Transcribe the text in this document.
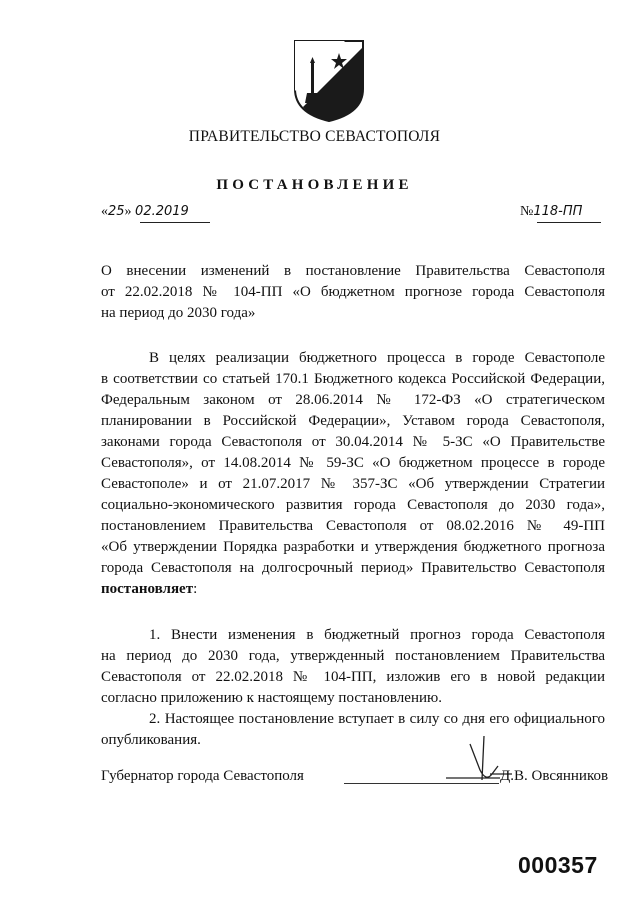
ПРАВИТЕЛЬСТВО СЕВАСТОПОЛЯ
ПОСТАНОВЛЕНИЕ
«25» 02.2019	№118-ПП
О внесении изменений в постановление Правительства Севастополя
от 22.02.2018 № 104-ПП «О бюджетном прогнозе города Севастополя
на период до 2030 года»
В целях реализации бюджетного процесса в городе Севастополе
в соответствии со статьей 170.1 Бюджетного кодекса Российской Федерации,
Федеральным законом от 28.06.2014 № 172-ФЗ «О стратегическом
планировании в Российской Федерации», Уставом города Севастополя,
законами города Севастополя от 30.04.2014 № 5-ЗС «О Правительстве
Севастополя», от 14.08.2014 № 59-ЗС «О бюджетном процессе в городе
Севастополе» и от 21.07.2017 № 357-ЗС «Об утверждении Стратегии
социально-экономического развития города Севастополя до 2030 года»,
постановлением Правительства Севастополя от 08.02.2016 № 49-ПП
«Об утверждении Порядка разработки и утверждения бюджетного прогноза
города Севастополя на долгосрочный период» Правительство Севастополя
постановляет:
1. Внести изменения в бюджетный прогноз города Севастополя
на период до 2030 года, утвержденный постановлением Правительства
Севастополя от 22.02.2018 № 104-ПП, изложив его в новой редакции
согласно приложению к настоящему постановлению.
2. Настоящее постановление вступает в силу со дня его официального
опубликования.
Губернатор города Севастополя	Д.В. Овсянников
000357
